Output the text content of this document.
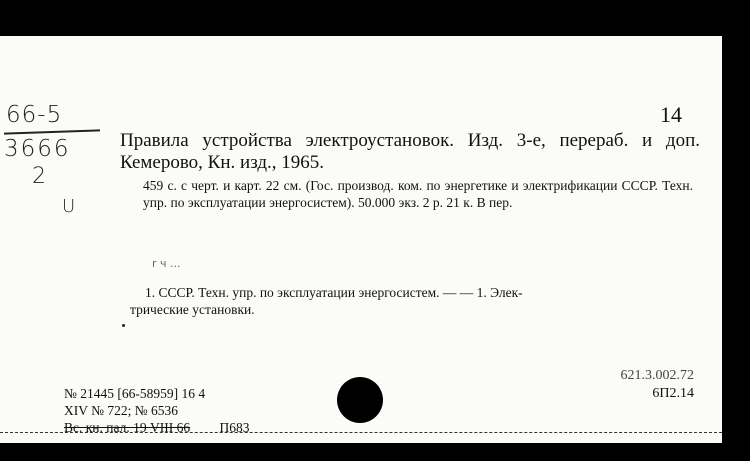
66-5
3666
2
U
14
Правила устройства электроустановок. Изд. 3-е, перераб. и доп. Кемерово, Кн. изд., 1965.
459 с. с черт. и карт. 22 см. (Гос. производ. ком. по энергетике и электрификации СССР. Техн. упр. по эксплуатации энергосистем). 50.000 экз. 2 р. 21 к. В пер.
r ч ...
1. СССР. Техн. упр. по эксплуатации энергосистем. — — 1. Элек-
трические установки.
621.3.002.72
6П2.14
№ 21445 [66-58959] 16 4
XIV № 722; № 6536
Вс. кн. пал. 19 VIII 66 П683
